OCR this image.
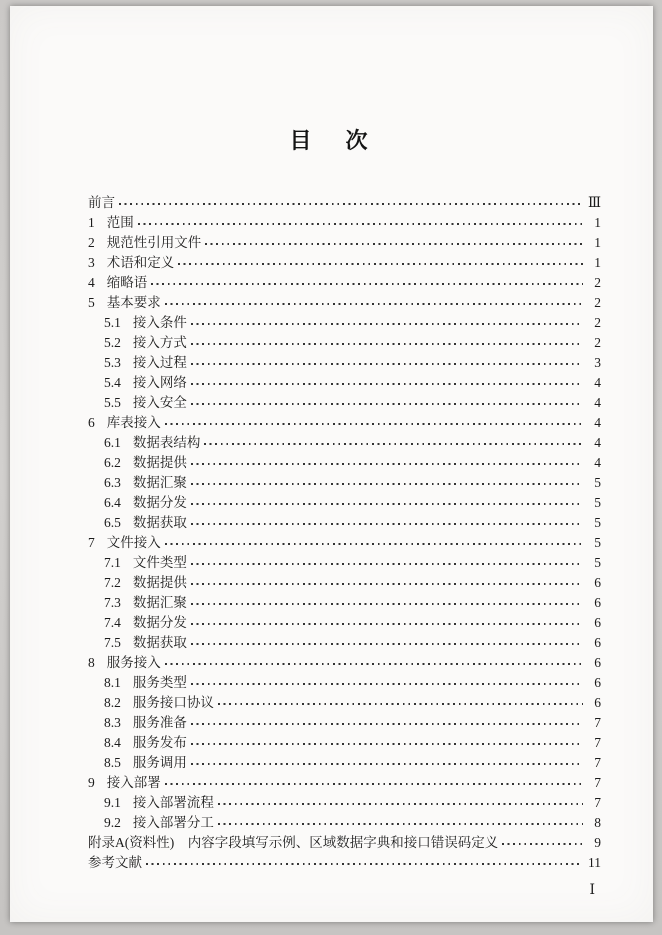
目　次
前言	Ⅲ
1 范围	1
2 规范性引用文件	1
3 术语和定义	1
4 缩略语	2
5 基本要求	2
5.1 接入条件	2
5.2 接入方式	2
5.3 接入过程	3
5.4 接入网络	4
5.5 接入安全	4
6 库表接入	4
6.1 数据表结构	4
6.2 数据提供	4
6.3 数据汇聚	5
6.4 数据分发	5
6.5 数据获取	5
7 文件接入	5
7.1 文件类型	5
7.2 数据提供	6
7.3 数据汇聚	6
7.4 数据分发	6
7.5 数据获取	6
8 服务接入	6
8.1 服务类型	6
8.2 服务接口协议	6
8.3 服务准备	7
8.4 服务发布	7
8.5 服务调用	7
9 接入部署	7
9.1 接入部署流程	7
9.2 接入部署分工	8
附录A(资料性)　内容字段填写示例、区域数据字典和接口错误码定义	9
参考文献	11
Ⅰ
